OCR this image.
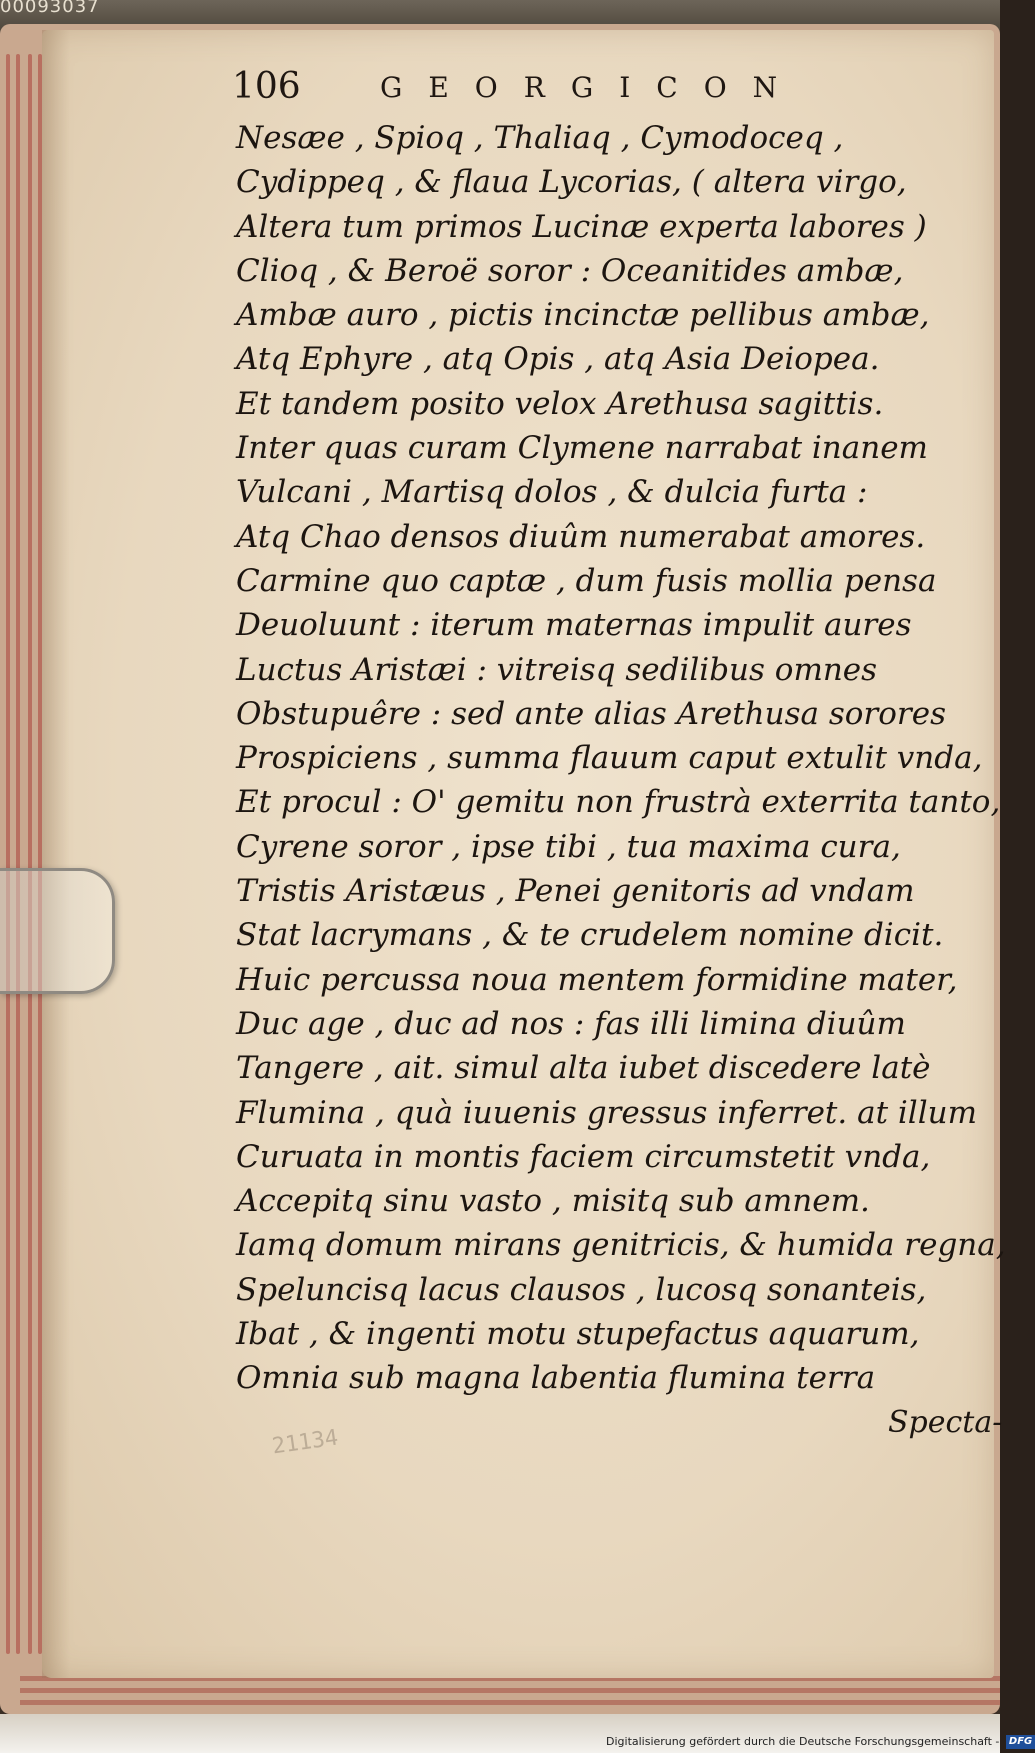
00093037
106	GEORGICON
Nesæe , Spioq , Thaliaq , Cymodoceq ,
Cydippeq , & flaua Lycorias, ( altera virgo,
Altera tum primos Lucinæ experta labores )
Clioq , & Beroë soror : Oceanitides ambæ,
Ambæ auro , pictis incinctæ pellibus ambæ,
Atq Ephyre , atq Opis , atq Asia Deiopea.
Et tandem posito velox Arethusa sagittis.
Inter quas curam Clymene narrabat inanem
Vulcani , Martisq dolos , & dulcia furta :
Atq Chao densos diuûm numerabat amores.
Carmine quo captæ , dum fusis mollia pensa
Deuoluunt : iterum maternas impulit aures
Luctus Aristæi : vitreisq sedilibus omnes
Obstupuêre : sed ante alias Arethusa sorores
Prospiciens , summa flauum caput extulit vnda,
Et procul : O' gemitu non frustrà exterrita tanto,
Cyrene soror , ipse tibi , tua maxima cura,
Tristis Aristæus , Penei genitoris ad vndam
Stat lacrymans , & te crudelem nomine dicit.
Huic percussa noua mentem formidine mater,
Duc age , duc ad nos : fas illi limina diuûm
Tangere , ait. simul alta iubet discedere latè
Flumina , quà iuuenis gressus inferret. at illum
Curuata in montis faciem circumstetit vnda,
Accepitq sinu vasto , misitq sub amnem.
Iamq domum mirans genitricis, & humida regna,
Speluncisq lacus clausos , lucosq sonanteis,
Ibat , & ingenti motu stupefactus aquarum,
Omnia sub magna labentia flumina terra
Specta-
21134
Digitalisierung gefördert durch die Deutsche Forschungsgemeinschaft - DFG
